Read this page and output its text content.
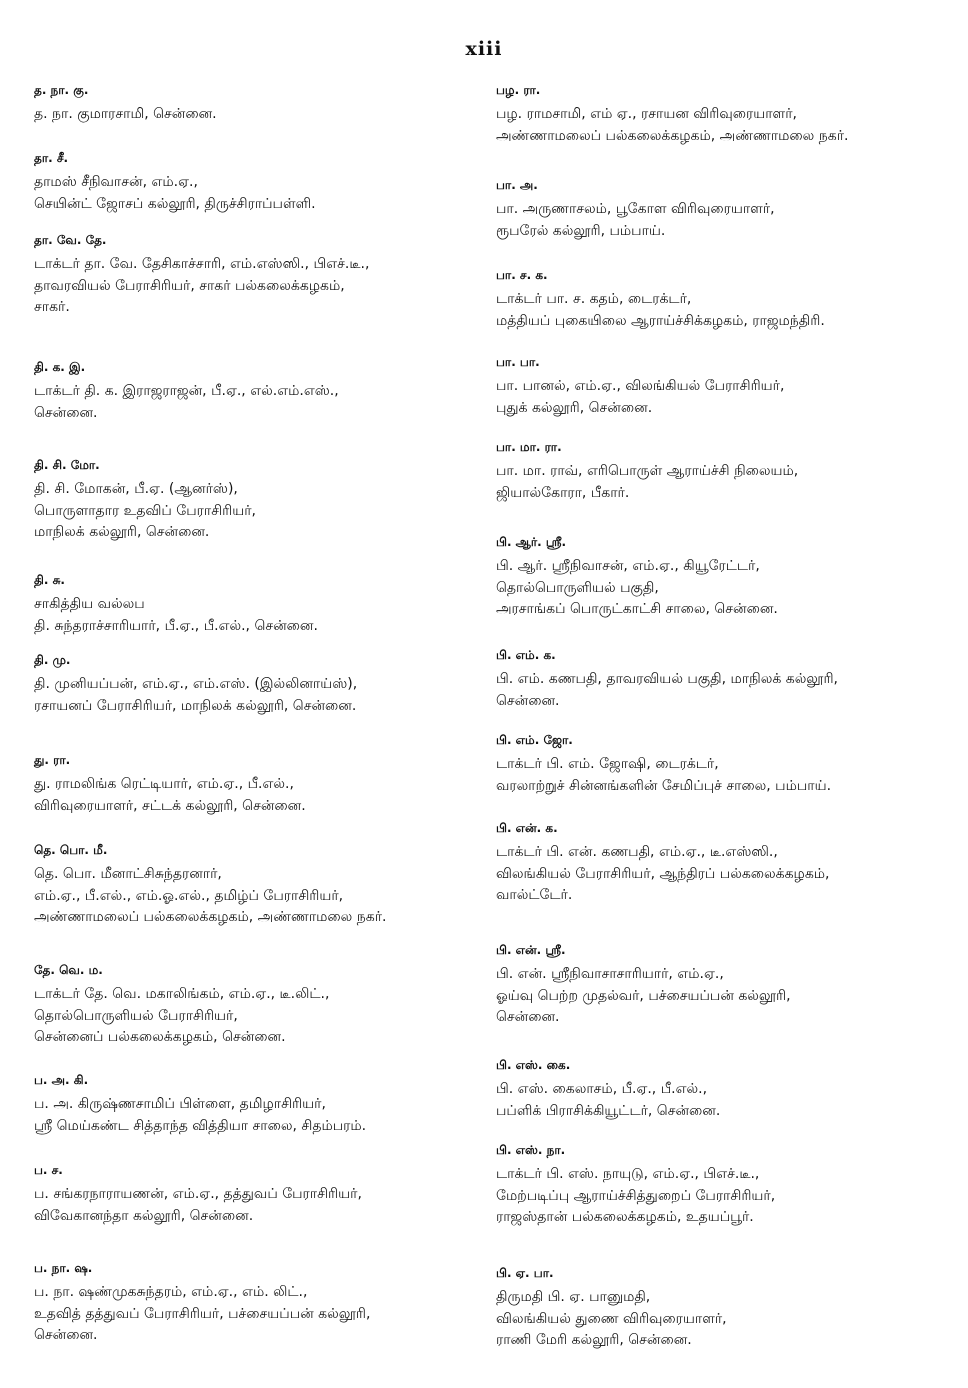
xiii
த. நா. கு.
த. நா. குமாரசாமி, சென்னை.
தா. சீ.
தாமஸ் சீநிவாசன், எம்.ஏ.,
செயின்ட் ஜோசப் கல்லூரி, திருச்சிராப்பள்ளி.
தா. வே. தே.
டாக்டர் தா. வே. தேசிகாச்சாரி, எம்.எஸ்ஸி., பிஎச்.டீ.,
தாவரவியல் பேராசிரியர், சாகர் பல்கலைக்கழகம்,
சாகர்.
தி. க. இ.
டாக்டர் தி. க. இராஜராஜன், பீ.ஏ., எல்.எம்.எஸ்.,
சென்னை.
தி. சி. மோ.
தி. சி. மோகன், பீ.ஏ. (ஆனர்ஸ்),
பொருளாதார உதவிப் பேராசிரியர்,
மாநிலக் கல்லூரி, சென்னை.
தி. சு.
சாகித்திய வல்லப
தி. சுந்தராச்சாரியார், பீ.ஏ., பீ.எல்., சென்னை.
தி. மு.
தி. முனியப்பன், எம்.ஏ., எம்.எஸ். (இல்லினாய்ஸ்),
ரசாயனப் பேராசிரியர், மாநிலக் கல்லூரி, சென்னை.
து. ரா.
து. ராமலிங்க ரெட்டியார், எம்.ஏ., பீ.எல்.,
விரிவுரையாளர், சட்டக் கல்லூரி, சென்னை.
தெ. பொ. மீ.
தெ. பொ. மீனாட்சிசுந்தரனார்,
எம்.ஏ., பீ.எல்., எம்.ஓ.எல்., தமிழ்ப் பேராசிரியர்,
அண்ணாமலைப் பல்கலைக்கழகம், அண்ணாமலை நகர்.
தே. வெ. ம.
டாக்டர் தே. வெ. மகாலிங்கம், எம்.ஏ., டீ.லிட்.,
தொல்பொருளியல் பேராசிரியர்,
சென்னைப் பல்கலைக்கழகம், சென்னை.
ப. அ. கி.
ப. அ. கிருஷ்ணசாமிப் பிள்ளை, தமிழாசிரியர்,
ஸ்ரீ மெய்கண்ட சித்தாந்த வித்தியா சாலை, சிதம்பரம்.
ப. ச.
ப. சங்கரநாராயணன், எம்.ஏ., தத்துவப் பேராசிரியர்,
விவேகானந்தா கல்லூரி, சென்னை.
ப. நா. ஷ.
ப. நா. ஷண்முகசுந்தரம், எம்.ஏ., எம். லிட்.,
உதவித் தத்துவப் பேராசிரியர், பச்சையப்பன் கல்லூரி,
சென்னை.
பழ. ரா.
பழ. ராமசாமி, எம் ஏ., ரசாயன விரிவுரையாளர்,
அண்ணாமலைப் பல்கலைக்கழகம், அண்ணாமலை நகர்.
பா. அ.
பா. அருணாசலம், பூகோள விரிவுரையாளர்,
ரூபரேல் கல்லூரி, பம்பாய்.
பா. ச. க.
டாக்டர் பா. ச. கதம், டைரக்டர்,
மத்தியப் புகையிலை ஆராய்ச்சிக்கழகம், ராஜமந்திரி.
பா. பா.
பா. பானல், எம்.ஏ., விலங்கியல் பேராசிரியர்,
புதுக் கல்லூரி, சென்னை.
பா. மா. ரா.
பா. மா. ராவ், எரிபொருள் ஆராய்ச்சி நிலையம்,
ஜியால்கோரா, பீகார்.
பி. ஆர். ஸ்ரீ.
பி. ஆர். ஸ்ரீநிவாசன், எம்.ஏ., கியூரேட்டர்,
தொல்பொருளியல் பகுதி,
அரசாங்கப் பொருட்காட்சி சாலை, சென்னை.
பி. எம். க.
பி. எம். கணபதி, தாவரவியல் பகுதி, மாநிலக் கல்லூரி,
சென்னை.
பி. எம். ஜோ.
டாக்டர் பி. எம். ஜோஷி, டைரக்டர்,
வரலாற்றுச் சின்னங்களின் சேமிப்புச் சாலை, பம்பாய்.
பி. என். க.
டாக்டர் பி. என். கணபதி, எம்.ஏ., டீ.எஸ்ஸி.,
விலங்கியல் பேராசிரியர், ஆந்திரப் பல்கலைக்கழகம்,
வால்ட்டேர்.
பி. என். ஸ்ரீ.
பி. என். ஸ்ரீநிவாசாசாரியார், எம்.ஏ.,
ஓய்வு பெற்ற முதல்வர், பச்சையப்பன் கல்லூரி,
சென்னை.
பி. எஸ். கை.
பி. எஸ். கைலாசம், பீ.ஏ., பீ.எல்.,
பப்ளிக் பிராசிக்கியூட்டர், சென்னை.
பி. எஸ். நா.
டாக்டர் பி. எஸ். நாயுடு, எம்.ஏ., பிஎச்.டீ.,
மேற்படிப்பு ஆராய்ச்சித்துறைப் பேராசிரியர்,
ராஜஸ்தான் பல்கலைக்கழகம், உதயப்பூர்.
பி. ஏ. பா.
திருமதி பி. ஏ. பானுமதி,
விலங்கியல் துணை விரிவுரையாளர்,
ராணி மேரி கல்லூரி, சென்னை.
